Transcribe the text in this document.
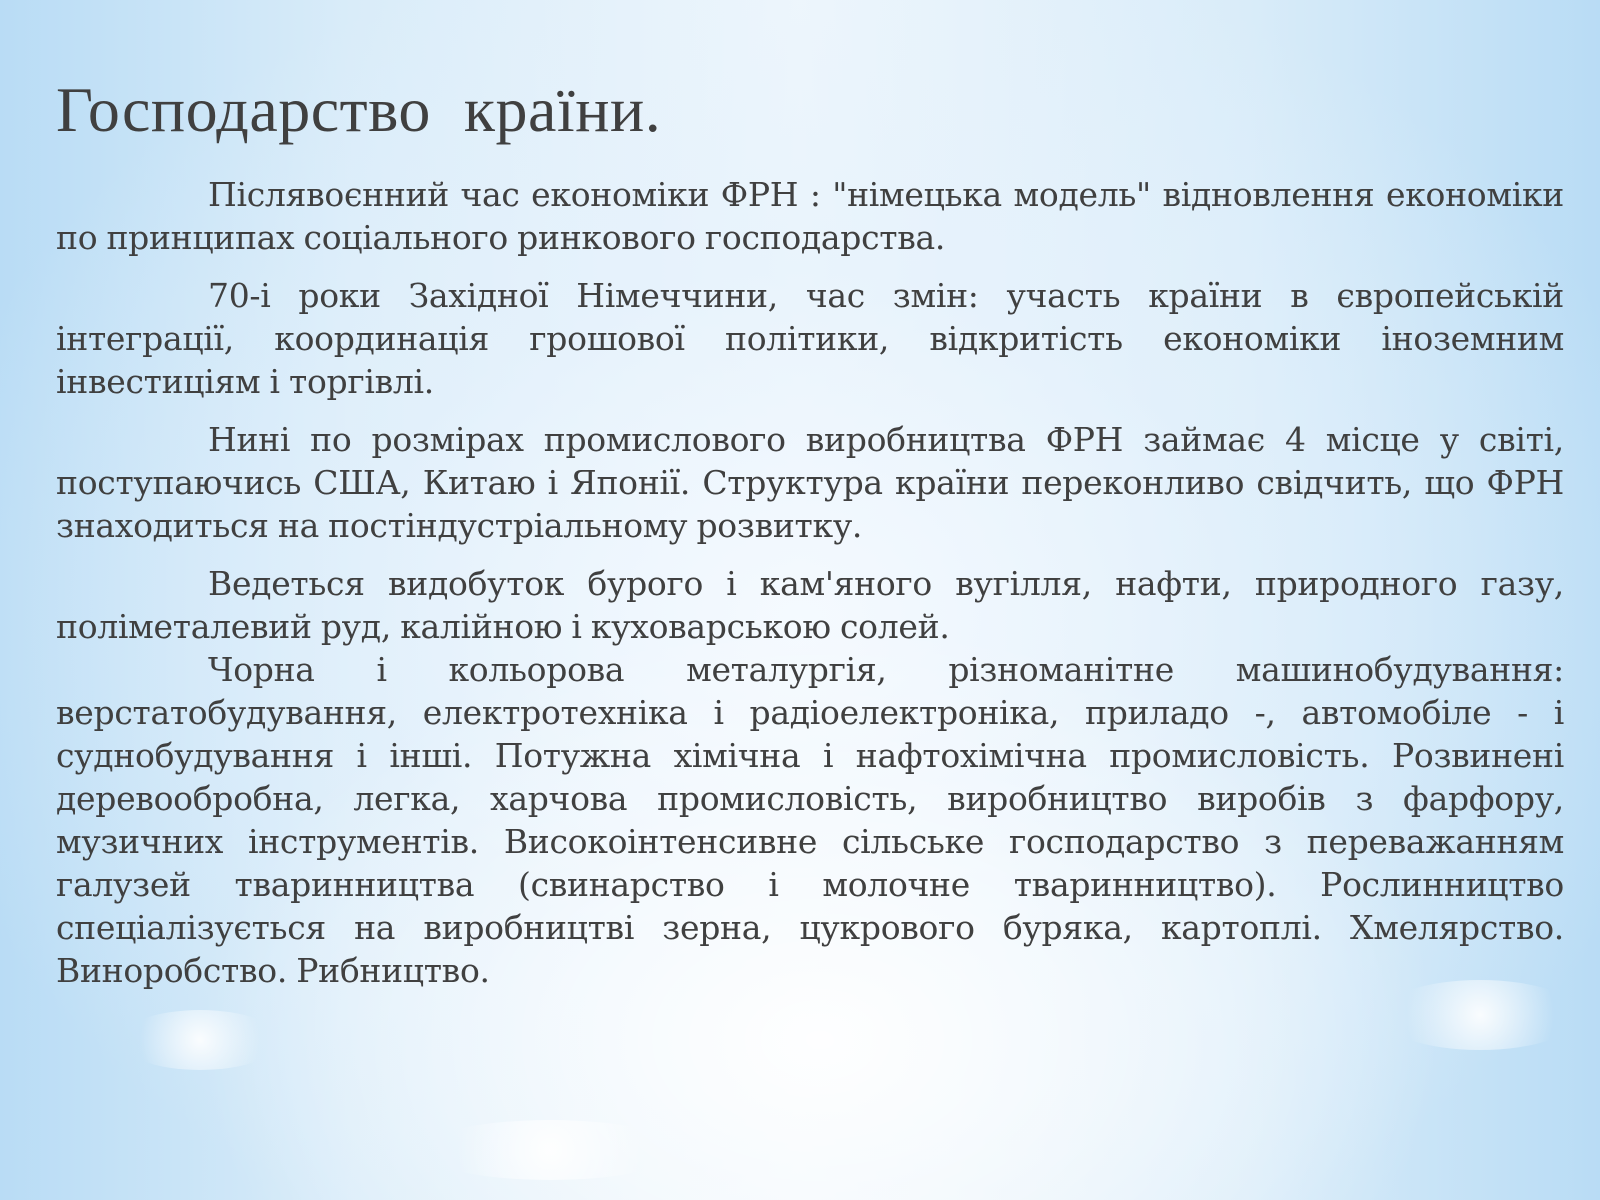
Господарство  країни.

Післявоєнний час економіки ФРН : "німецька модель" відновлення економіки по принципах соціального ринкового господарства.

70-і роки Західної Німеччини, час змін: участь країни в європейській інтеграції, координація грошової політики, відкритість економіки іноземним інвестиціям і торгівлі.

Нині по розмірах промислового виробництва ФРН займає 4 місце у світі, поступаючись США, Китаю і Японії. Структура країни переконливо свідчить, що ФРН знаходиться на постіндустріальному розвитку.

Ведеться видобуток бурого і кам'яного вугілля, нафти, природного газу, поліметалевий руд, калійною і куховарською солей.

Чорна і кольорова металургія, різноманітне машинобудування: верстатобудування, електротехніка і радіоелектроніка, приладо -, автомобіле - і суднобудування і інші. Потужна хімічна і нафтохімічна промисловість. Розвинені деревообробна, легка, харчова промисловість, виробництво виробів з фарфору, музичних інструментів. Високоінтенсивне сільське господарство з переважанням галузей тваринництва (свинарство і молочне тваринництво). Рослинництво спеціалізується на виробництві зерна, цукрового буряка, картоплі. Хмелярство. Виноробство. Рибництво.
